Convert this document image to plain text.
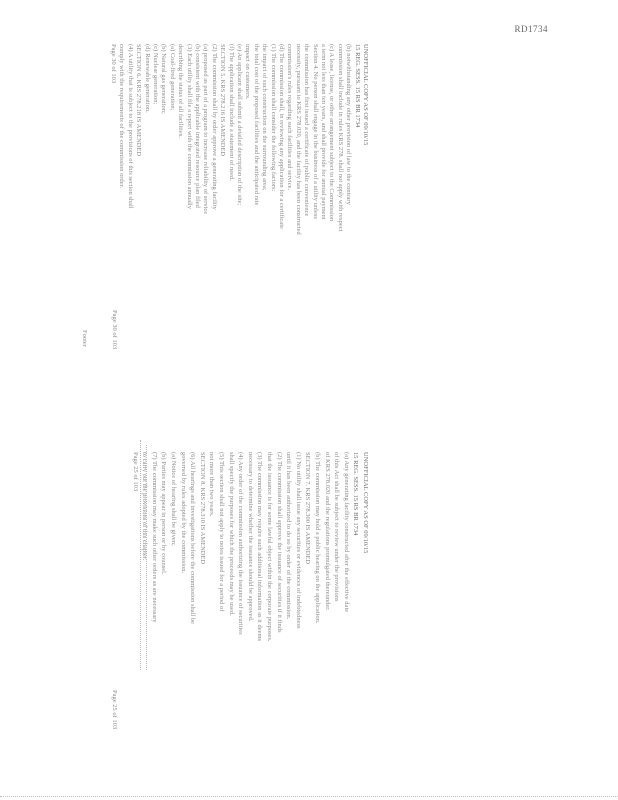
RD1734
UNOFFICIAL COPY AS OF 09/10/15
15 REG. SESS. 15 RS BR 1734
(b) notwithstanding any other provision of law to the contrary
commission shall include in rules KRS 278. shall not apply with respect
(c) A lease, license, or other arrangement subject to the Commission
a term not less than ten years, and shall provide for annual payment
Section 4. No person shall engage in the business of a utility unless
the commission has first issued a certificate of public convenience
necessity, pursuant to KRS 278.020, and the facility has been constructed
commission's rules regarding such facilities and service.
(d) The commission shall, in reviewing any application for a certificate
(1) The commission shall consider the following factors:
the impact of such construction on the surrounding area;
the total cost of the proposed facilities and the anticipated rate
impact on customers.
(e) An applicant shall submit a detailed description of the site;
(f) The application shall include a statement of need.
SECTION 5. KRS 278.216 IS AMENDED
(2) The commission shall by order approve a generating facility
(a) proposed as part of a program to increase reliability of service
(b) consistent with the applicable integrated resource plan filed
(3) Each utility shall file a report with the commission annually
describing the status of all facilities.
(a) Coal-fired generation;
(b) Natural gas generation;
(c) Nuclear generation;
(d) Renewable generation.
SECTION 6. KRS 278.218 IS AMENDED
(4) A utility that is subject to the provisions of this section shall
comply with the requirements of the commission order.
Page 30 of 103
UNOFFICIAL COPY AS OF 09/10/15
15 REG. SESS. 15 RS BR 1734
(a) Any generating facility constructed after the effective date
of this Act shall be subject to review under the provisions
of KRS 278.020 and the regulations promulgated thereunder.
(b) The commission may hold a public hearing on the application.
SECTION 7. KRS 278.300 IS AMENDED
(1) No utility shall issue any securities or evidences of indebtedness
until it has been authorized to do so by order of the commission.
(2) The commission shall approve the issuance of securities if it finds
that the issuance is for some lawful object within the corporate purposes.
(3) The commission may require such additional information as it deems
necessary to determine whether the issuance should be approved.
(4) Any order of the commission authorizing the issuance of securities
shall specify the purposes for which the proceeds may be used.
(5) This section shall not apply to notes issued for a period of
not more than two years.
SECTION 8. KRS 278.310 IS AMENDED
(6) All hearings and investigations before the commission shall be
governed by rules adopted by the commission.
(a) Notice of hearing shall be given;
(b) Parties may appear in person or by counsel.
(7) The commission may make such other orders as are necessary
to carry out the provisions of this chapter.
Page 25 of 103
Page 30 of 103
Page 25 of 103
Footer
